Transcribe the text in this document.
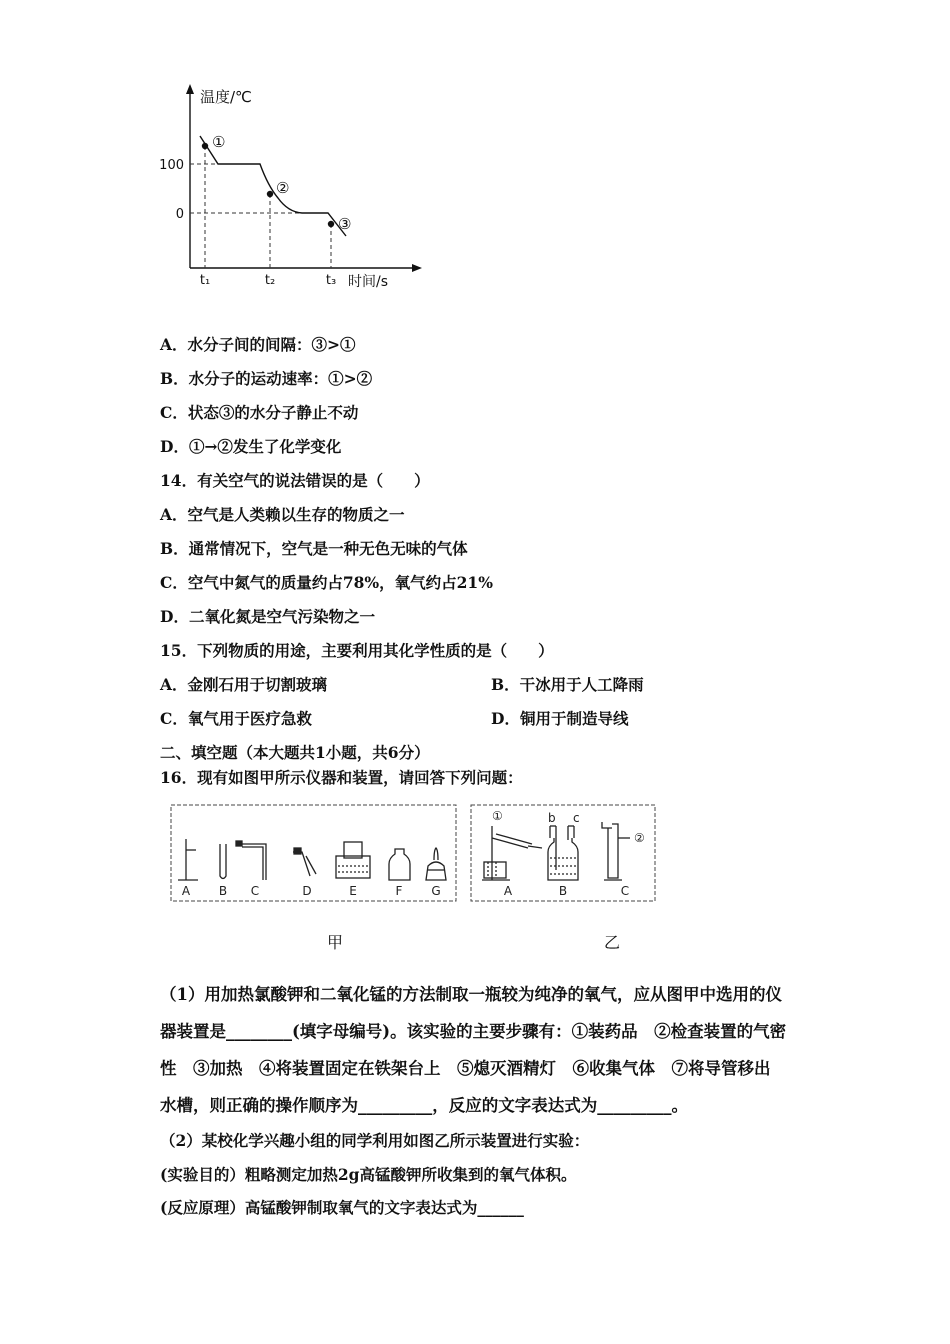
温度/℃
100
0
t₁	t₂	t₃ 时间/s
①
②
③
A．水分子间的间隔：③>①
B．水分子的运动速率：①>②
C．状态③的水分子静止不动
D．①→②发生了化学变化
14．有关空气的说法错误的是（　　）
A．空气是人类赖以生存的物质之一
B．通常情况下，空气是一种无色无味的气体
C．空气中氮气的质量约占78%，氧气约占21%
D．二氧化氮是空气污染物之一
15．下列物质的用途，主要利用其化学性质的是（　　）
A．金刚石用于切割玻璃	B．干冰用于人工降雨
C．氧气用于医疗急救	D．铜用于制造导线
二、填空题（本大题共1小题，共6分）
16．现有如图甲所示仪器和装置，请回答下列问题：
A B C	D	E	F G
①	b c
②
A	B	C
甲	乙
（1）用加热氯酸钾和二氧化锰的方法制取一瓶较为纯净的氧气，应从图甲中选用的仪
器装置是________(填字母编号)。该实验的主要步骤有：①装药品　②检查装置的气密
性　③加热　④将装置固定在铁架台上　⑤熄灭酒精灯　⑥收集气体　⑦将导管移出
水槽，则正确的操作顺序为_________，反应的文字表达式为_________。
（2）某校化学兴趣小组的同学利用如图乙所示装置进行实验：
(实验目的）粗略测定加热2g高锰酸钾所收集到的氧气体积。
(反应原理）高锰酸钾制取氧气的文字表达式为______
